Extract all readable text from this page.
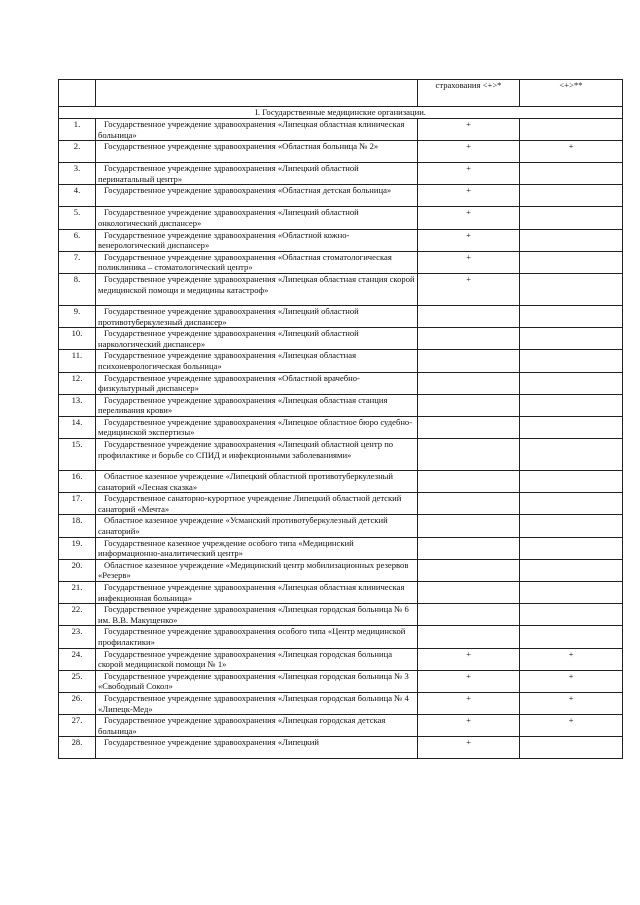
		страхования <+>*	<+>**
I. Государственные медицинские организации.			
1.	Государственное учреждение здравоохранения «Липецкая областная клиническая больница»	+	
2.	Государственное учреждение здравоохранения «Областная больница № 2»	+	+
3.	Государственное учреждение здравоохранения «Липецкий областной перинатальный центр»	+	
4.	Государственное учреждение здравоохранения «Областная детская больница»	+	
5.	Государственное учреждение здравоохранения «Липецкий областной онкологический диспансер»	+	
6.	Государственное учреждение здравоохранения «Областной кожно-венерологический диспансер»	+	
7.	Государственное учреждение здравоохранения «Областная стоматологическая поликлиника – стоматологический центр»	+	
8.	Государственное учреждение здравоохранения «Липецкая областная станция скорой медицинской помощи и медицины катастроф»	+	
9.	Государственное учреждение здравоохранения «Липецкий областной противотуберкулезный диспансер»		
10.	Государственное учреждение здравоохранения «Липецкий областной наркологический диспансер»		
11.	Государственное учреждение здравоохранения «Липецкая областная психоневрологическая больница»		
12.	Государственное учреждение здравоохранения «Областной врачебно-физкультурный диспансер»		
13.	Государственное учреждение здравоохранения «Липецкая областная станция переливания крови»		
14.	Государственное учреждение здравоохранения «Липецкое областное бюро судебно-медицинской экспертизы»		
15.	Государственное учреждение здравоохранения «Липецкий областной центр по профилактике и борьбе со СПИД и инфекционными заболеваниями»		
16.	Областное казенное учреждение «Липецкий областной противотуберкулезный санаторий «Лесная сказка»		
17.	Государственное санаторно-курортное учреждение Липецкий областной детский санаторий «Мечта»		
18.	Областное казенное учреждение «Усманский противотуберкулезный детский санаторий»		
19.	Государственное казенное учреждение особого типа «Медицинский информационно-аналитический центр»		
20.	Областное казенное учреждение «Медицинский центр мобилизационных резервов «Резерв»		
21.	Государственное учреждение здравоохранения «Липецкая областная клиническая инфекционная больница»		
22.	Государственное учреждение здравоохранения «Липецкая городская больница № 6 им. В.В. Макущенко»		
23.	Государственное учреждение здравоохранения особого типа «Центр медицинской профилактики»		
24.	Государственное учреждение здравоохранения «Липецкая городская больница скорой медицинской помощи № 1»	+	+
25.	Государственное учреждение здравоохранения «Липецкая городская больница № 3 «Свободный Сокол»	+	+
26.	Государственное учреждение здравоохранения «Липецкая городская больница № 4 «Липецк-Мед»	+	+
27.	Государственное учреждение здравоохранения «Липецкая городская детская больница»	+	+
28.	Государственное учреждение здравоохранения «Липецкий	+	
